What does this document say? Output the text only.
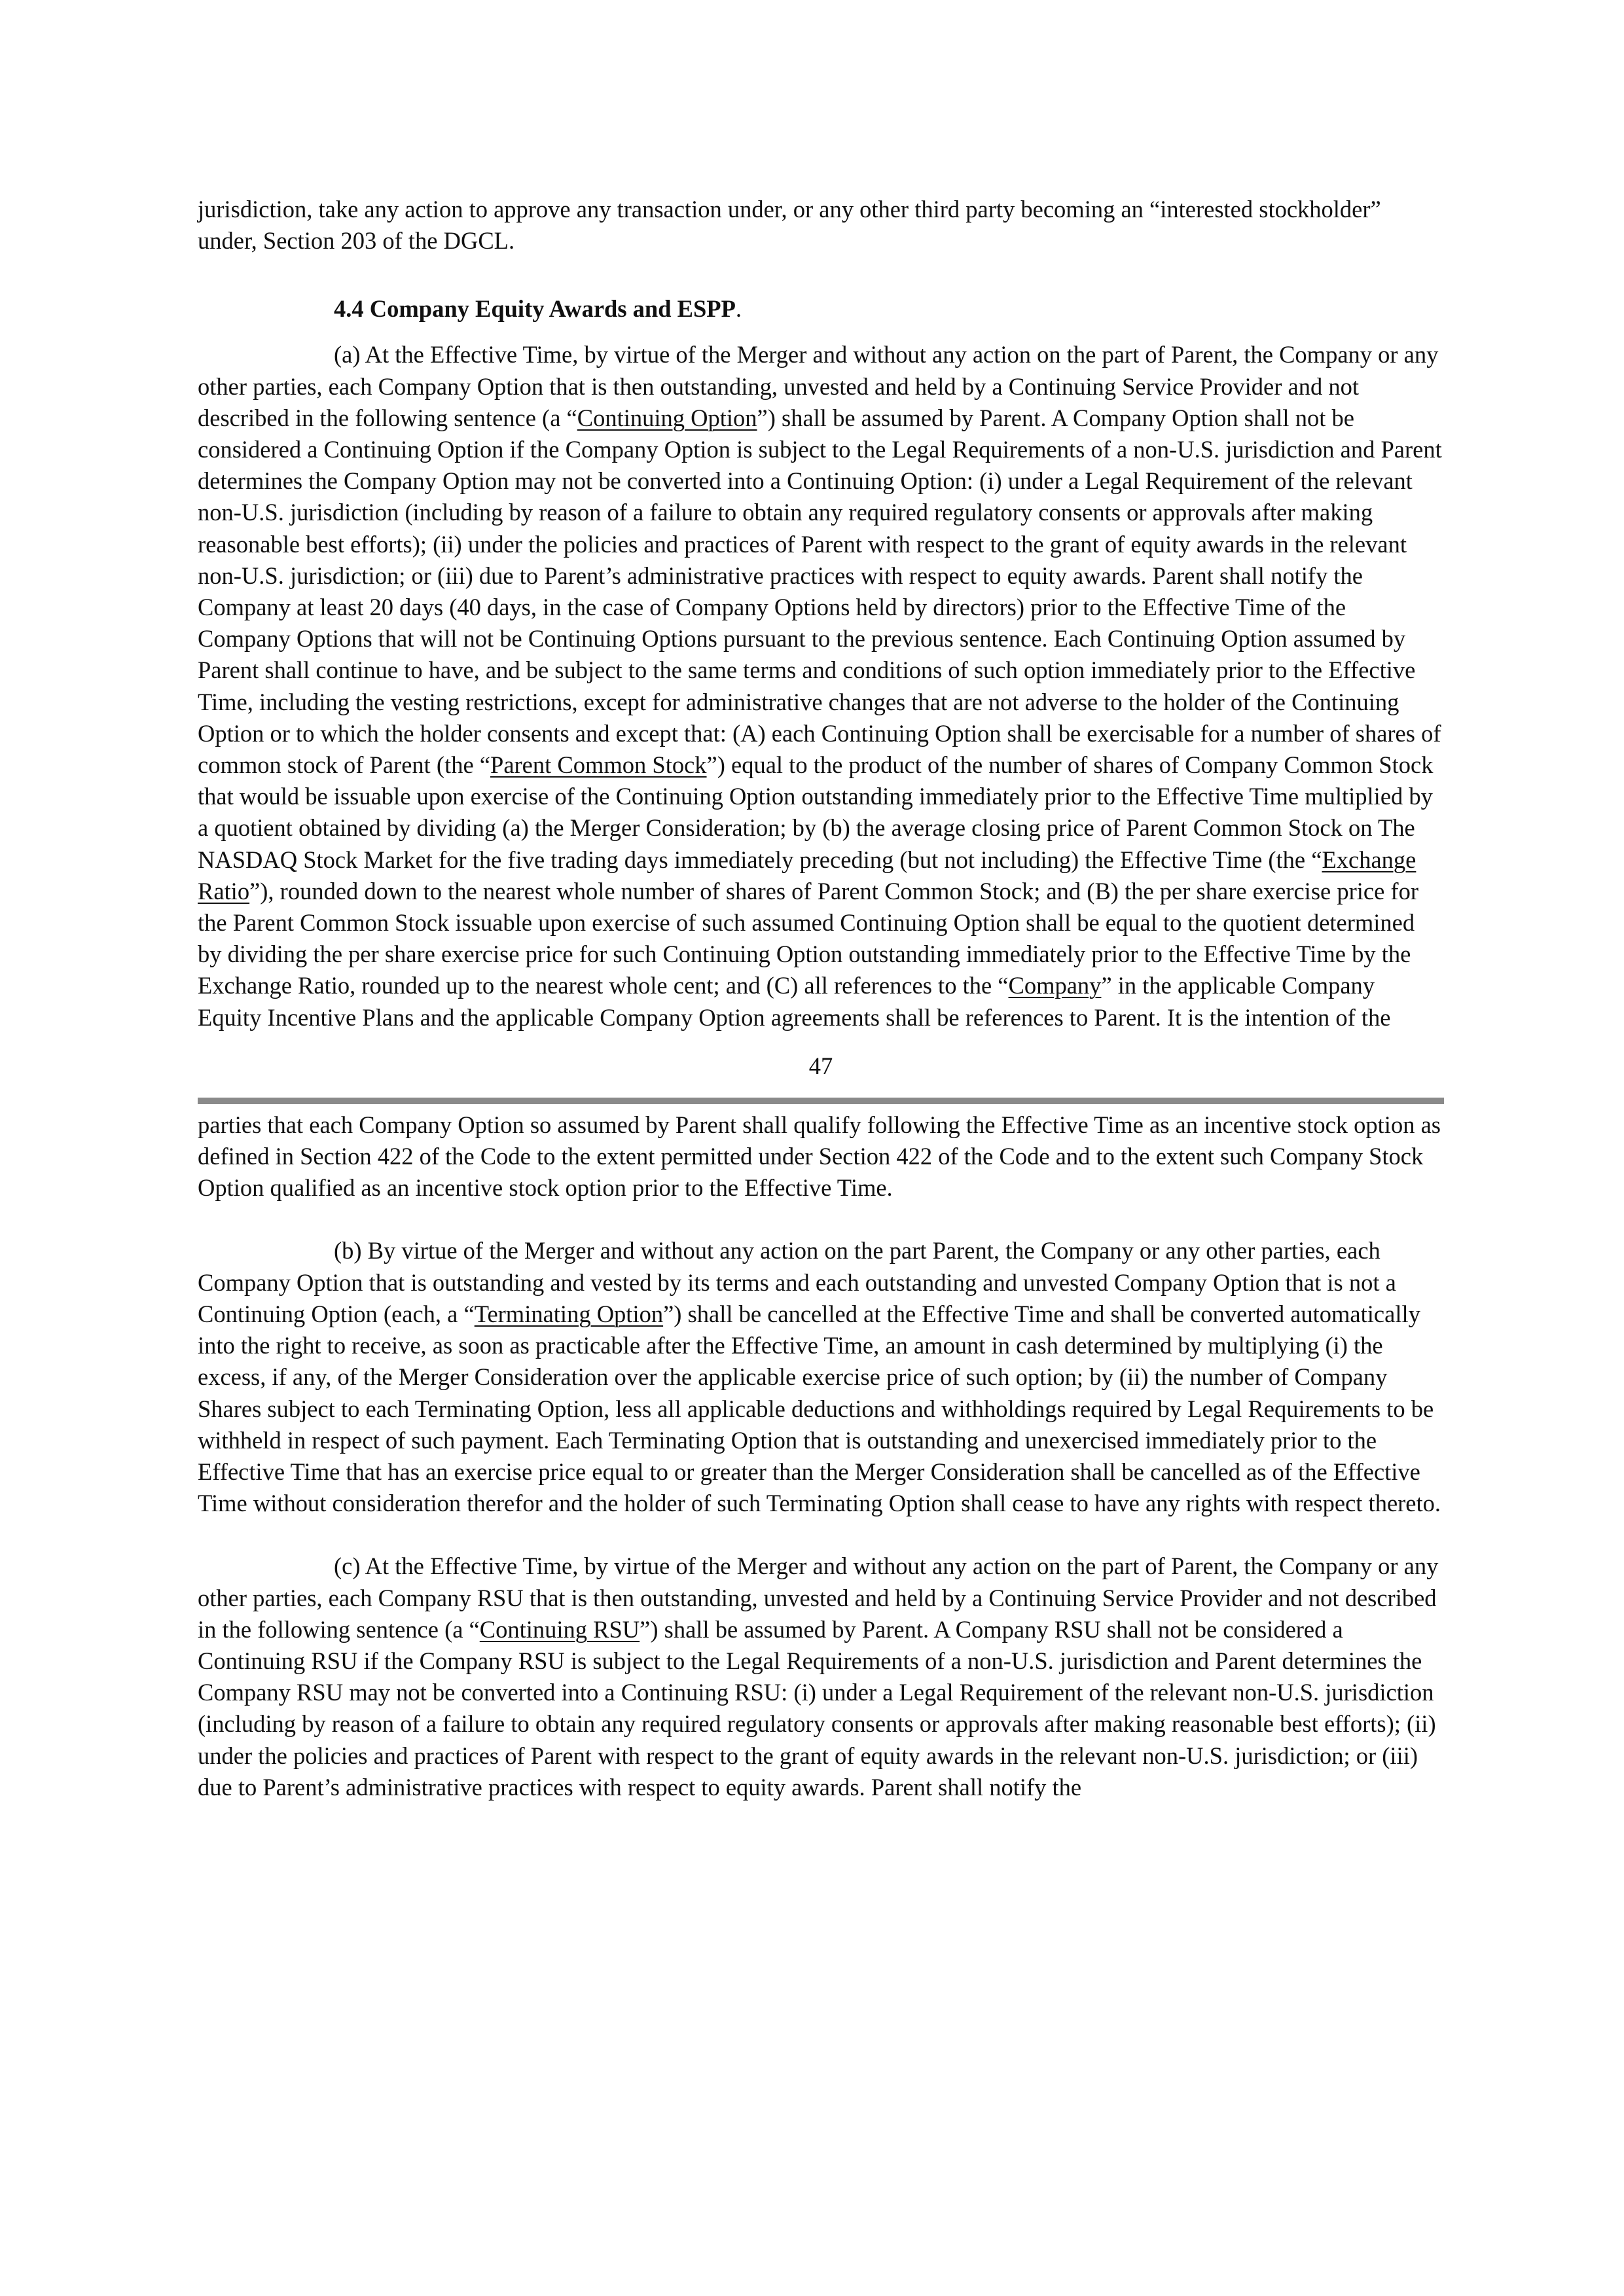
jurisdiction, take any action to approve any transaction under, or any other third party becoming an “interested stockholder” under, Section 203 of the DGCL.

4.4 Company Equity Awards and ESPP.

(a) At the Effective Time, by virtue of the Merger and without any action on the part of Parent, the Company or any other parties, each Company Option that is then outstanding, unvested and held by a Continuing Service Provider and not described in the following sentence (a “Continuing Option”) shall be assumed by Parent. A Company Option shall not be considered a Continuing Option if the Company Option is subject to the Legal Requirements of a non-U.S. jurisdiction and Parent determines the Company Option may not be converted into a Continuing Option: (i) under a Legal Requirement of the relevant non-U.S. jurisdiction (including by reason of a failure to obtain any required regulatory consents or approvals after making reasonable best efforts); (ii) under the policies and practices of Parent with respect to the grant of equity awards in the relevant non-U.S. jurisdiction; or (iii) due to Parent’s administrative practices with respect to equity awards. Parent shall notify the Company at least 20 days (40 days, in the case of Company Options held by directors) prior to the Effective Time of the Company Options that will not be Continuing Options pursuant to the previous sentence. Each Continuing Option assumed by Parent shall continue to have, and be subject to the same terms and conditions of such option immediately prior to the Effective Time, including the vesting restrictions, except for administrative changes that are not adverse to the holder of the Continuing Option or to which the holder consents and except that: (A) each Continuing Option shall be exercisable for a number of shares of common stock of Parent (the “Parent Common Stock”) equal to the product of the number of shares of Company Common Stock that would be issuable upon exercise of the Continuing Option outstanding immediately prior to the Effective Time multiplied by a quotient obtained by dividing (a) the Merger Consideration; by (b) the average closing price of Parent Common Stock on The NASDAQ Stock Market for the five trading days immediately preceding (but not including) the Effective Time (the “Exchange Ratio”), rounded down to the nearest whole number of shares of Parent Common Stock; and (B) the per share exercise price for the Parent Common Stock issuable upon exercise of such assumed Continuing Option shall be equal to the quotient determined by dividing the per share exercise price for such Continuing Option outstanding immediately prior to the Effective Time by the Exchange Ratio, rounded up to the nearest whole cent; and (C) all references to the “Company” in the applicable Company Equity Incentive Plans and the applicable Company Option agreements shall be references to Parent. It is the intention of the

47

parties that each Company Option so assumed by Parent shall qualify following the Effective Time as an incentive stock option as defined in Section 422 of the Code to the extent permitted under Section 422 of the Code and to the extent such Company Stock Option qualified as an incentive stock option prior to the Effective Time.

(b) By virtue of the Merger and without any action on the part Parent, the Company or any other parties, each Company Option that is outstanding and vested by its terms and each outstanding and unvested Company Option that is not a Continuing Option (each, a “Terminating Option”) shall be cancelled at the Effective Time and shall be converted automatically into the right to receive, as soon as practicable after the Effective Time, an amount in cash determined by multiplying (i) the excess, if any, of the Merger Consideration over the applicable exercise price of such option; by (ii) the number of Company Shares subject to each Terminating Option, less all applicable deductions and withholdings required by Legal Requirements to be withheld in respect of such payment. Each Terminating Option that is outstanding and unexercised immediately prior to the Effective Time that has an exercise price equal to or greater than the Merger Consideration shall be cancelled as of the Effective Time without consideration therefor and the holder of such Terminating Option shall cease to have any rights with respect thereto.

(c) At the Effective Time, by virtue of the Merger and without any action on the part of Parent, the Company or any other parties, each Company RSU that is then outstanding, unvested and held by a Continuing Service Provider and not described in the following sentence (a “Continuing RSU”) shall be assumed by Parent. A Company RSU shall not be considered a Continuing RSU if the Company RSU is subject to the Legal Requirements of a non-U.S. jurisdiction and Parent determines the Company RSU may not be converted into a Continuing RSU: (i) under a Legal Requirement of the relevant non-U.S. jurisdiction (including by reason of a failure to obtain any required regulatory consents or approvals after making reasonable best efforts); (ii) under the policies and practices of Parent with respect to the grant of equity awards in the relevant non-U.S. jurisdiction; or (iii) due to Parent’s administrative practices with respect to equity awards. Parent shall notify the
